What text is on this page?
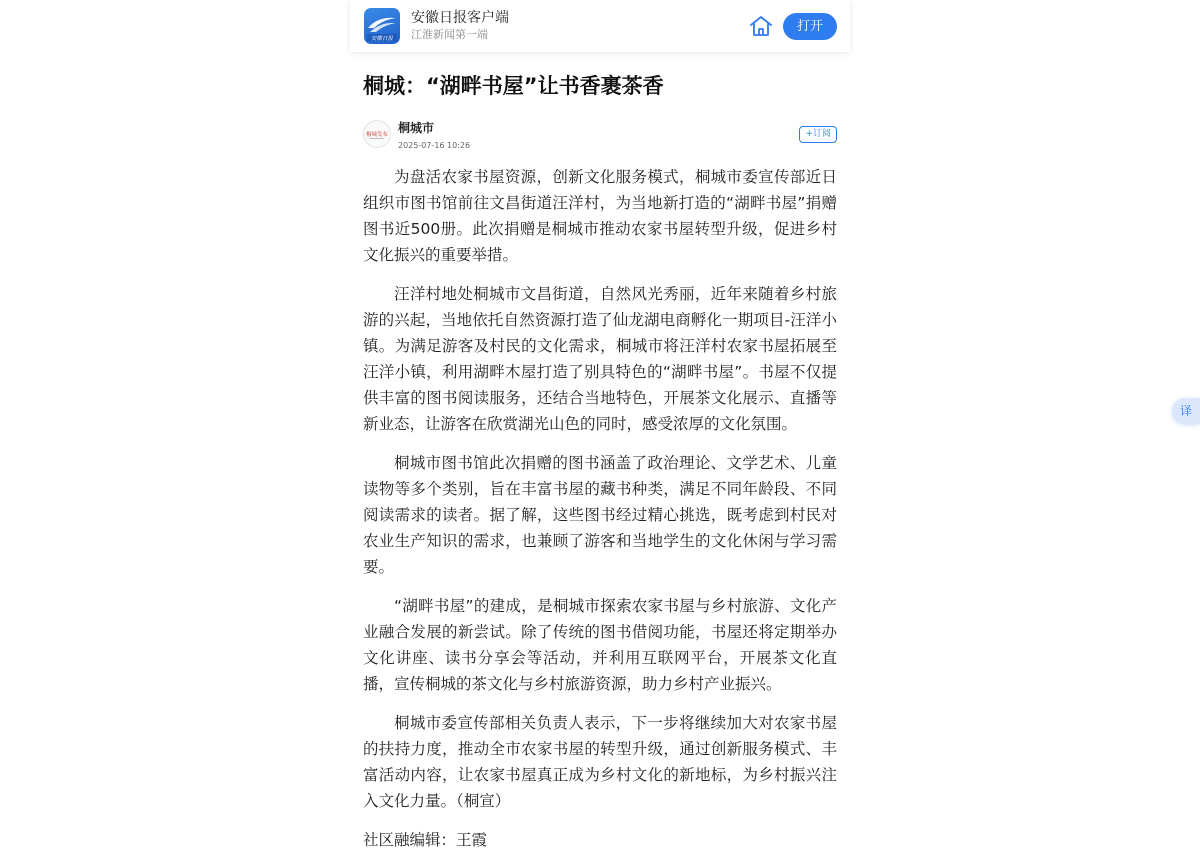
安徽日报
安徽日报客户端
江淮新闻第一端
打开
桐城：“湖畔书屋”让书香裹茶香
桐城发布 桐城市
2025-07-16 10:26
+订阅

为盘活农家书屋资源，创新文化服务模式，桐城市委宣传部近日组织市图书馆前往文昌街道汪洋村，为当地新打造的“湖畔书屋”捐赠图书近500册。此次捐赠是桐城市推动农家书屋转型升级，促进乡村文化振兴的重要举措。

汪洋村地处桐城市文昌街道，自然风光秀丽，近年来随着乡村旅游的兴起，当地依托自然资源打造了仙龙湖电商孵化一期项目-汪洋小镇。为满足游客及村民的文化需求，桐城市将汪洋村农家书屋拓展至汪洋小镇，利用湖畔木屋打造了别具特色的“湖畔书屋”。书屋不仅提供丰富的图书阅读服务，还结合当地特色，开展茶文化展示、直播等新业态，让游客在欣赏湖光山色的同时，感受浓厚的文化氛围。

桐城市图书馆此次捐赠的图书涵盖了政治理论、文学艺术、儿童读物等多个类别，旨在丰富书屋的藏书种类，满足不同年龄段、不同阅读需求的读者。据了解，这些图书经过精心挑选，既考虑到村民对农业生产知识的需求，也兼顾了游客和当地学生的文化休闲与学习需要。

“湖畔书屋”的建成，是桐城市探索农家书屋与乡村旅游、文化产业融合发展的新尝试。除了传统的图书借阅功能，书屋还将定期举办文化讲座、读书分享会等活动，并利用互联网平台，开展茶文化直播，宣传桐城的茶文化与乡村旅游资源，助力乡村产业振兴。

桐城市委宣传部相关负责人表示，下一步将继续加大对农家书屋的扶持力度，推动全市农家书屋的转型升级，通过创新服务模式、丰富活动内容，让农家书屋真正成为乡村文化的新地标，为乡村振兴注入文化力量。（桐宣）

社区融编辑：王霞

译
